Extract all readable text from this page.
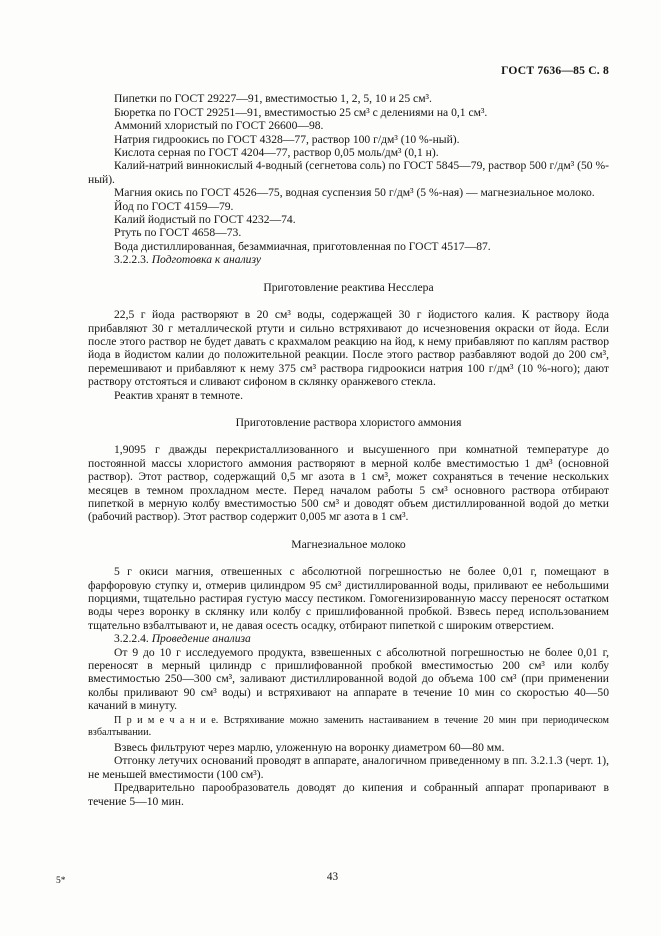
ГОСТ 7636—85 С. 8

Пипетки по ГОСТ 29227—91, вместимостью 1, 2, 5, 10 и 25 см³.

Бюретка по ГОСТ 29251—91, вместимостью 25 см³ с делениями на 0,1 см³.

Аммоний хлористый по ГОСТ 26600—98.

Натрия гидроокись по ГОСТ 4328—77, раствор 100 г/дм³ (10 %-ный).

Кислота серная по ГОСТ 4204—77, раствор 0,05 моль/дм³ (0,1 н).

Калий-натрий виннокислый 4-водный (сегнетова соль) по ГОСТ 5845—79, раствор 500 г/дм³ (50 %-ный).

Магния окись по ГОСТ 4526—75, водная суспензия 50 г/дм³ (5 %-ная) — магнезиальное молоко.

Йод по ГОСТ 4159—79.

Калий йодистый по ГОСТ 4232—74.

Ртуть по ГОСТ 4658—73.

Вода дистиллированная, безаммиачная, приготовленная по ГОСТ 4517—87.

3.2.2.3. Подготовка к анализу

Приготовление реактива Несслера

22,5 г йода растворяют в 20 см³ воды, содержащей 30 г йодистого калия. К раствору йода прибавляют 30 г металлической ртути и сильно встряхивают до исчезновения окраски от йода. Если после этого раствор не будет давать с крахмалом реакцию на йод, к нему прибавляют по каплям раствор йода в йодистом калии до положительной реакции. После этого раствор разбавляют водой до 200 см³, перемешивают и прибавляют к нему 375 см³ раствора гидроокиси натрия 100 г/дм³ (10 %-ного); дают раствору отстояться и сливают сифоном в склянку оранжевого стекла.

Реактив хранят в темноте.

Приготовление раствора хлористого аммония

1,9095 г дважды перекристаллизованного и высушенного при комнатной температуре до постоянной массы хлористого аммония растворяют в мерной колбе вместимостью 1 дм³ (основной раствор). Этот раствор, содержащий 0,5 мг азота в 1 см³, может сохраняться в течение нескольких месяцев в темном прохладном месте. Перед началом работы 5 см³ основного раствора отбирают пипеткой в мерную колбу вместимостью 500 см³ и доводят объем дистиллированной водой до метки (рабочий раствор). Этот раствор содержит 0,005 мг азота в 1 см³.

Магнезиальное молоко

5 г окиси магния, отвешенных с абсолютной погрешностью не более 0,01 г, помещают в фарфоровую ступку и, отмерив цилиндром 95 см³ дистиллированной воды, приливают ее небольшими порциями, тщательно растирая густую массу пестиком. Гомогенизированную массу переносят остатком воды через воронку в склянку или колбу с пришлифованной пробкой. Взвесь перед использованием тщательно взбалтывают и, не давая осесть осадку, отбирают пипеткой с широким отверстием.

3.2.2.4. Проведение анализа

От 9 до 10 г исследуемого продукта, взвешенных с абсолютной погрешностью не более 0,01 г, переносят в мерный цилиндр с пришлифованной пробкой вместимостью 200 см³ или колбу вместимостью 250—300 см³, заливают дистиллированной водой до объема 100 см³ (при применении колбы приливают 90 см³ воды) и встряхивают на аппарате в течение 10 мин со скоростью 40—50 качаний в минуту.

П р и м е ч а н и е. Встряхивание можно заменить настаиванием в течение 20 мин при периодическом взбалтывании.

Взвесь фильтруют через марлю, уложенную на воронку диаметром 60—80 мм.

Отгонку летучих оснований проводят в аппарате, аналогичном приведенному в пп. 3.2.1.3 (черт. 1), не меньшей вместимости (100 см³).

Предварительно парообразователь доводят до кипения и собранный аппарат пропаривают в течение 5—10 мин.

5*	43
